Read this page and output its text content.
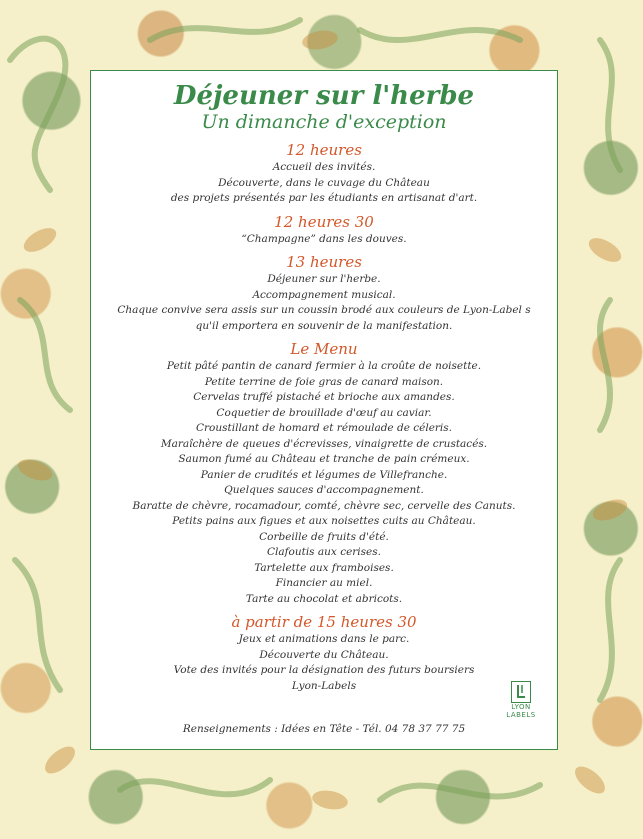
Déjeuner sur l'herbe
Un dimanche d'exception
12 heures
Accueil des invités.
Découverte, dans le cuvage du Château
des projets présentés par les étudiants en artisanat d'art.
12 heures 30
“Champagne” dans les douves.
13 heures
Déjeuner sur l'herbe.
Accompagnement musical.
Chaque convive sera assis sur un coussin brodé aux couleurs de Lyon-Label s
qu'il emportera en souvenir de la manifestation.
Le Menu
Petit pâté pantin de canard fermier à la croûte de noisette.
Petite terrine de foie gras de canard maison.
Cervelas truffé pistaché et brioche aux amandes.
Coquetier de brouillade d'œuf au caviar.
Croustillant de homard et rémoulade de céleris.
Maraîchère de queues d'écrevisses, vinaigrette de crustacés.
Saumon fumé au Château et tranche de pain crémeux.
Panier de crudités et légumes de Villefranche.
Quelques sauces d'accompagnement.
Baratte de chèvre, rocamadour, comté, chèvre sec, cervelle des Canuts.
Petits pains aux figues et aux noisettes cuits au Château.
Corbeille de fruits d'été.
Clafoutis aux cerises.
Tartelette aux framboises.
Financier au miel.
Tarte au chocolat et abricots.
à partir de 15 heures 30
Jeux et animations dans le parc.
Découverte du Château.
Vote des invités pour la désignation des futurs boursiers
Lyon-Labels
LYON
LABELS
Renseignements : Idées en Tête - Tél. 04 78 37 77 75
